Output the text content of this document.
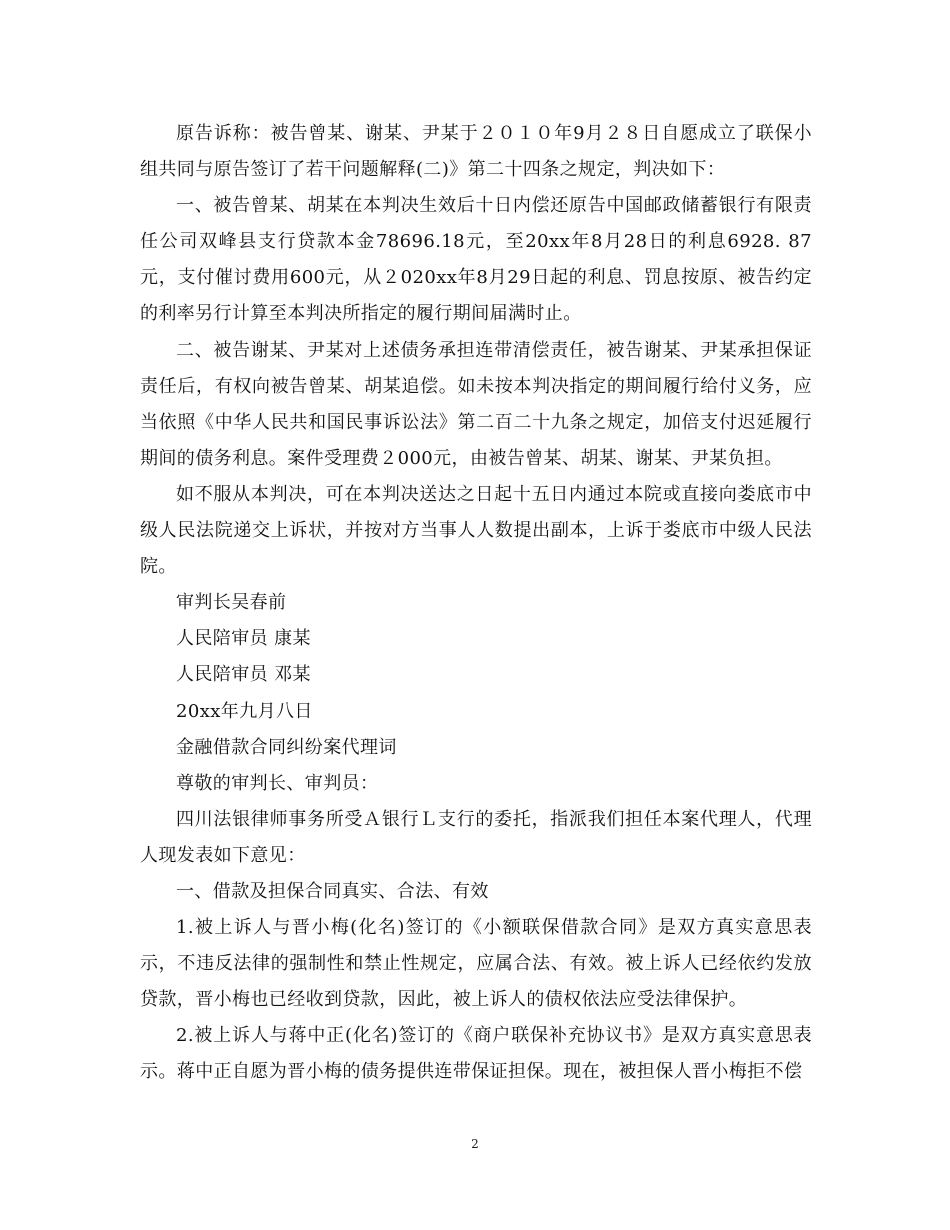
原告诉称：被告曾某、谢某、尹某于２０１０年9月２８日自愿成立了联保小组共同与原告签订了若干问题解释(二)》第二十四条之规定，判决如下：

一、被告曾某、胡某在本判决生效后十日内偿还原告中国邮政储蓄银行有限责任公司双峰县支行贷款本金78696.18元，至20xx年8月28日的利息6928. 87元，支付催讨费用600元，从２020xx年8月29日起的利息、罚息按原、被告约定的利率另行计算至本判决所指定的履行期间届满时止。

二、被告谢某、尹某对上述债务承担连带清偿责任，被告谢某、尹某承担保证责任后，有权向被告曾某、胡某追偿。如未按本判决指定的期间履行给付义务，应当依照《中华人民共和国民事诉讼法》第二百二十九条之规定，加倍支付迟延履行期间的债务利息。案件受理费２000元，由被告曾某、胡某、谢某、尹某负担。

如不服从本判决，可在本判决送达之日起十五日内通过本院或直接向娄底市中级人民法院递交上诉状，并按对方当事人人数提出副本，上诉于娄底市中级人民法院。

审判长吴春前

人民陪审员 康某

人民陪审员 邓某

20xx年九月八日

金融借款合同纠纷案代理词

尊敬的审判长、审判员：

四川法银律师事务所受Ａ银行Ｌ支行的委托，指派我们担任本案代理人，代理人现发表如下意见：

一、借款及担保合同真实、合法、有效

1.被上诉人与晋小梅(化名)签订的《小额联保借款合同》是双方真实意思表示，不违反法律的强制性和禁止性规定，应属合法、有效。被上诉人已经依约发放贷款，晋小梅也已经收到贷款，因此，被上诉人的债权依法应受法律保护。

2.被上诉人与蒋中正(化名)签订的《商户联保补充协议书》是双方真实意思表示。蒋中正自愿为晋小梅的债务提供连带保证担保。现在，被担保人晋小梅拒不偿

2
